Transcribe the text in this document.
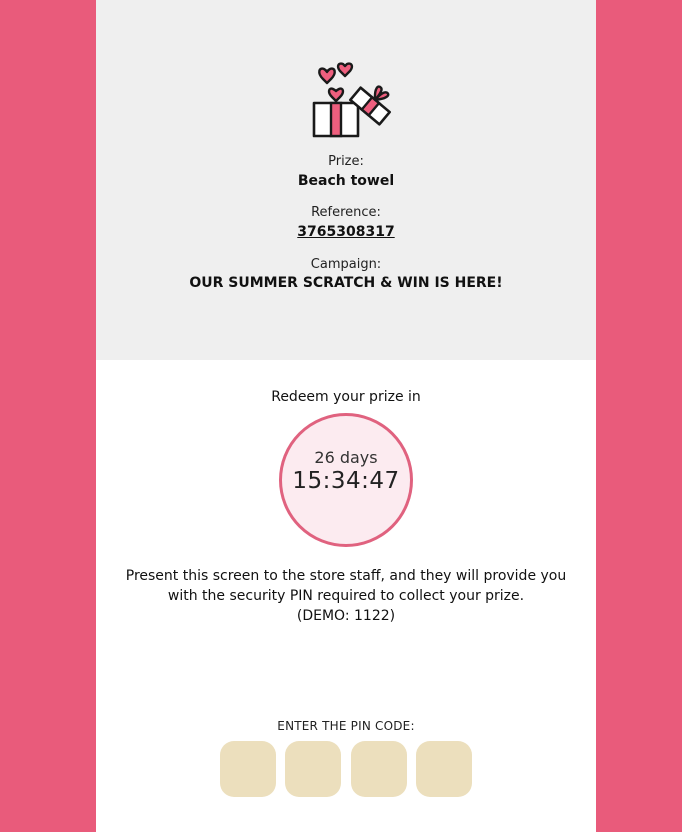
Prize:
Beach towel
Reference:
3765308317
Campaign:
OUR SUMMER SCRATCH & WIN IS HERE!
Redeem your prize in
26 days
15:34:47
Present this screen to the store staff, and they will provide you
with the security PIN required to collect your prize.
(DEMO: 1122)
ENTER THE PIN CODE:
